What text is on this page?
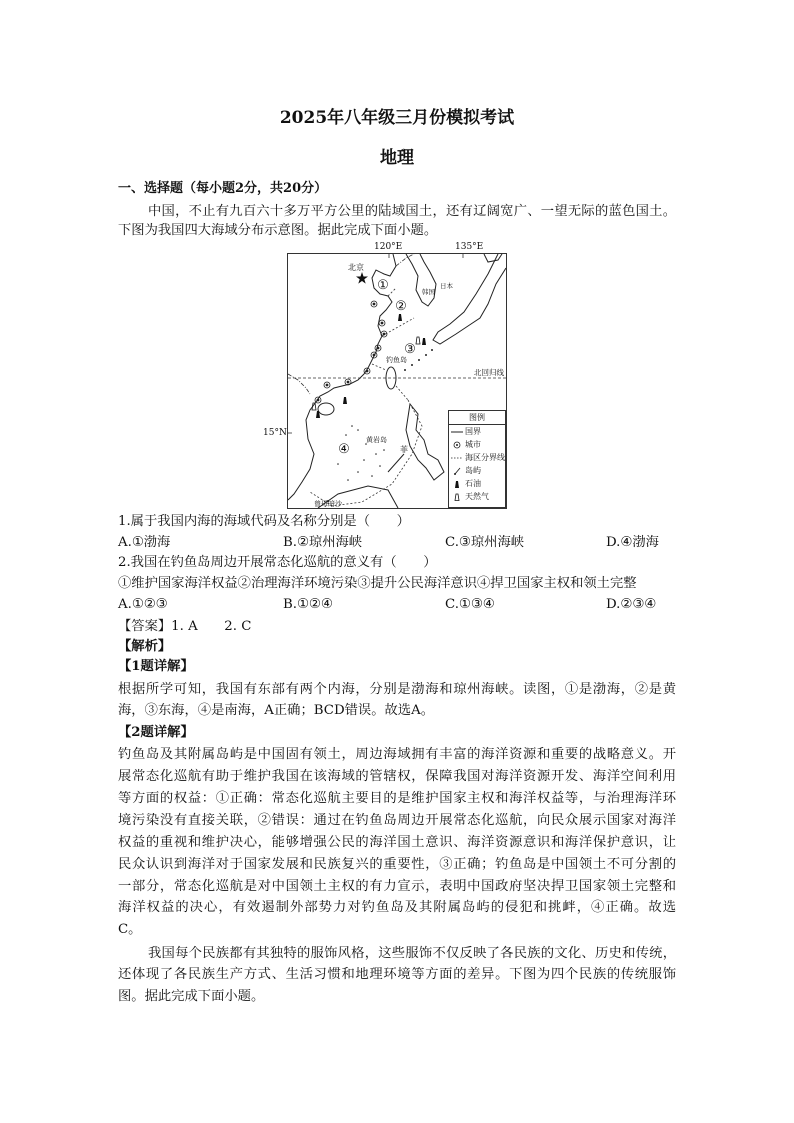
2025年八年级三月份模拟考试
地理
一、选择题（每小题2分，共20分）
中国，不止有九百六十多万平方公里的陆域国土，还有辽阔宽广、一望无际的蓝色国土。
下图为我国四大海域分布示意图。据此完成下面小题。
120°E	135°E
15°N
北京
韩国
日本
钓鱼岛
北回归线
黄岩岛
菲
曾母暗沙
①
②
③
④
图例
国界
城市
海区分界线
岛屿
石油
天然气
1.属于我国内海的海域代码及名称分别是（　　）
A.①渤海	B.②琼州海峡	C.③琼州海峡	D.④渤海
2.我国在钓鱼岛周边开展常态化巡航的意义有（　　）
①维护国家海洋权益②治理海洋环境污染③提升公民海洋意识④捍卫国家主权和领土完整
A.①②③	B.①②④	C.①③④	D.②③④
【答案】1. A　　2. C
【解析】
【1题详解】
根据所学可知，我国有东部有两个内海，分别是渤海和琼州海峡。读图，①是渤海，②是黄
海，③东海，④是南海，A正确；BCD错误。故选A。
【2题详解】
钓鱼岛及其附属岛屿是中国固有领土，周边海域拥有丰富的海洋资源和重要的战略意义。开
展常态化巡航有助于维护我国在该海域的管辖权，保障我国对海洋资源开发、海洋空间利用
等方面的权益：①正确：常态化巡航主要目的是维护国家主权和海洋权益等，与治理海洋环
境污染没有直接关联，②错误：通过在钓鱼岛周边开展常态化巡航，向民众展示国家对海洋
权益的重视和维护决心，能够增强公民的海洋国土意识、海洋资源意识和海洋保护意识，让
民众认识到海洋对于国家发展和民族复兴的重要性，③正确；钓鱼岛是中国领土不可分割的
一部分，常态化巡航是对中国领土主权的有力宣示，表明中国政府坚决捍卫国家领土完整和
海洋权益的决心，有效遏制外部势力对钓鱼岛及其附属岛屿的侵犯和挑衅，④正确。故选
C。
我国每个民族都有其独特的服饰风格，这些服饰不仅反映了各民族的文化、历史和传统，
还体现了各民族生产方式、生活习惯和地理环境等方面的差异。下图为四个民族的传统服饰
图。据此完成下面小题。
